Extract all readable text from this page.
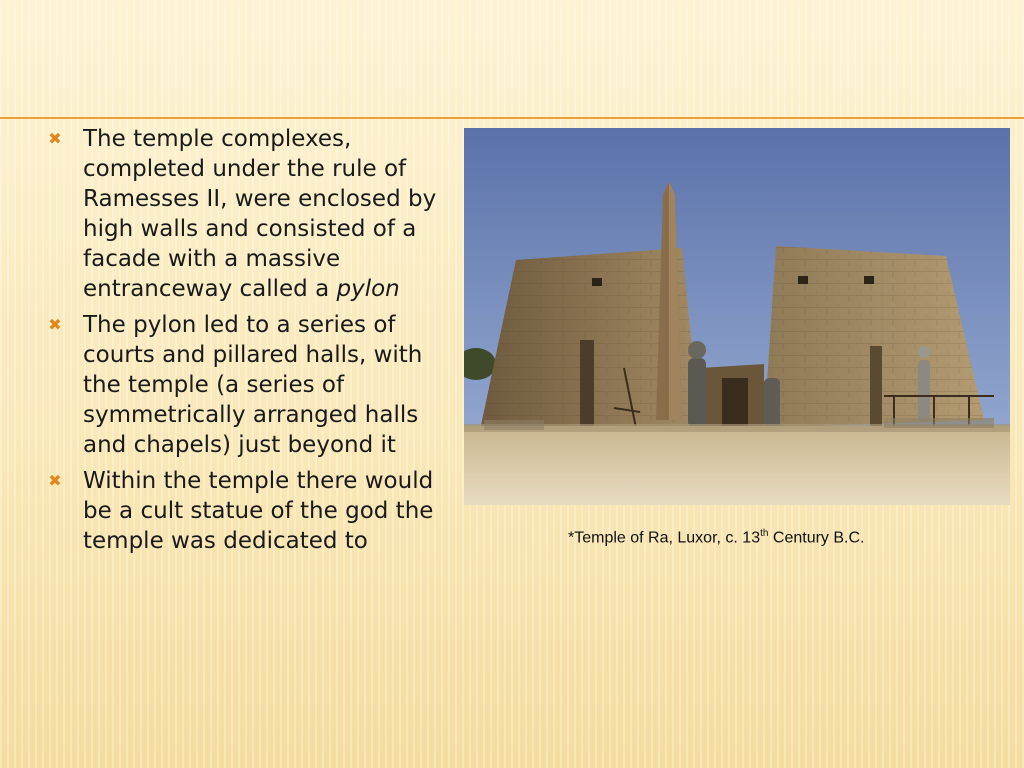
✖ The temple complexes, completed under the rule of Ramesses II, were enclosed by high walls and consisted of a facade with a massive entranceway called a pylon
✖ The pylon led to a series of courts and pillared halls, with the temple (a series of symmetrically arranged halls and chapels) just beyond it
✖ Within the temple there would be a cult statue of the god the temple was dedicated to	*Temple of Ra, Luxor, c. 13th Century B.C.
